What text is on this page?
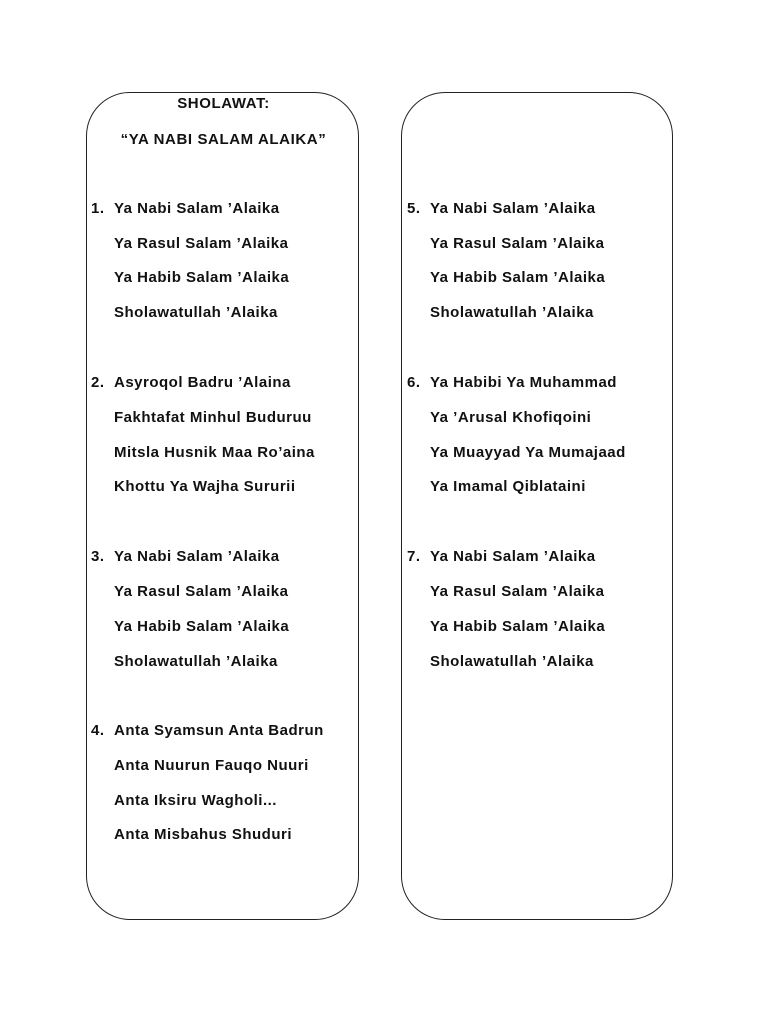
SHOLAWAT:
“YA NABI SALAM ALAIKA”
1. Ya Nabi Salam ’Alaika
Ya Rasul Salam ’Alaika
Ya Habib Salam ’Alaika
Sholawatullah ’Alaika
2. Asyroqol Badru ’Alaina
Fakhtafat Minhul Buduruu
Mitsla Husnik Maa Ro’aina
Khottu Ya Wajha Sururii
3. Ya Nabi Salam ’Alaika
Ya Rasul Salam ’Alaika
Ya Habib Salam ’Alaika
Sholawatullah ’Alaika
4. Anta Syamsun Anta Badrun
Anta Nuurun Fauqo Nuuri
Anta Iksiru Wagholi...
Anta Misbahus Shuduri
5. Ya Nabi Salam ’Alaika
Ya Rasul Salam ’Alaika
Ya Habib Salam ’Alaika
Sholawatullah ’Alaika
6. Ya Habibi Ya Muhammad
Ya ’Arusal Khofiqoini
Ya Muayyad Ya Mumajaad
Ya Imamal Qiblataini
7. Ya Nabi Salam ’Alaika
Ya Rasul Salam ’Alaika
Ya Habib Salam ’Alaika
Sholawatullah ’Alaika
